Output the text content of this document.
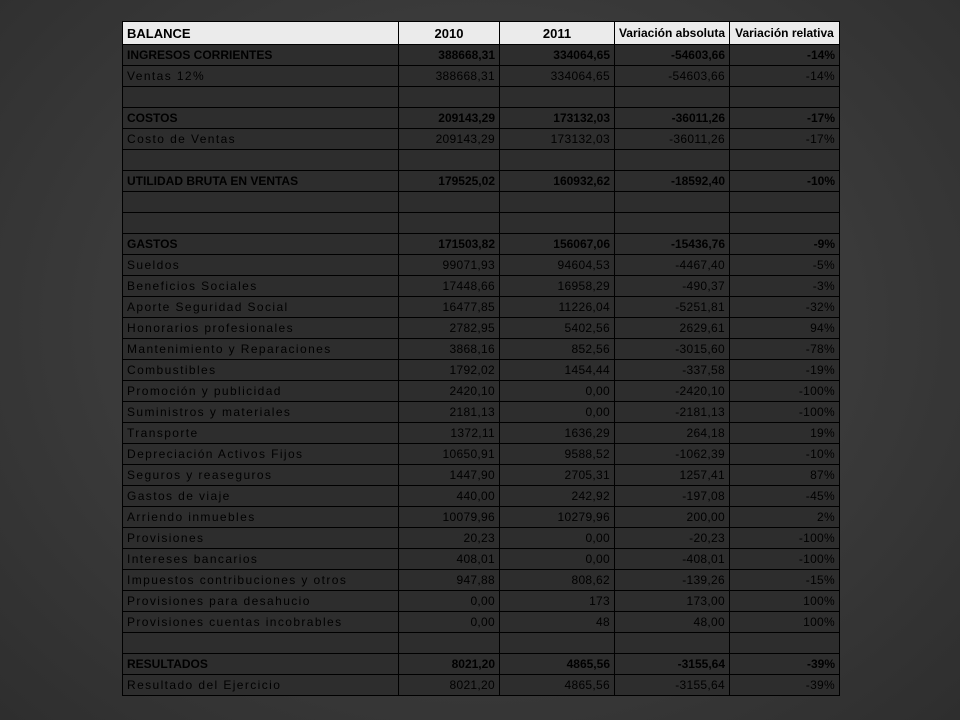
BALANCE	2010	2011	Variación absoluta	Variación relativa
INGRESOS CORRIENTES	388668,31	334064,65	-54603,66	-14%
Ventas 12%	388668,31	334064,65	-54603,66	-14%

COSTOS	209143,29	173132,03	-36011,26	-17%
Costo de Ventas	209143,29	173132,03	-36011,26	-17%

UTILIDAD BRUTA EN VENTAS	179525,02	160932,62	-18592,40	-10%

GASTOS	171503,82	156067,06	-15436,76	-9%
Sueldos	99071,93	94604,53	-4467,40	-5%
Beneficios Sociales	17448,66	16958,29	-490,37	-3%
Aporte Seguridad Social	16477,85	11226,04	-5251,81	-32%
Honorarios profesionales	2782,95	5402,56	2629,61	94%
Mantenimiento y Reparaciones	3868,16	852,56	-3015,60	-78%
Combustibles	1792,02	1454,44	-337,58	-19%
Promoción y publicidad	2420,10	0,00	-2420,10	-100%
Suministros y materiales	2181,13	0,00	-2181,13	-100%
Transporte	1372,11	1636,29	264,18	19%
Depreciación Activos Fijos	10650,91	9588,52	-1062,39	-10%
Seguros y reaseguros	1447,90	2705,31	1257,41	87%
Gastos de viaje	440,00	242,92	-197,08	-45%
Arriendo inmuebles	10079,96	10279,96	200,00	2%
Provisiones	20,23	0,00	-20,23	-100%
Intereses bancarios	408,01	0,00	-408,01	-100%
Impuestos contribuciones y otros	947,88	808,62	-139,26	-15%
Provisiones para desahucio	0,00	173	173,00	100%
Provisiones cuentas incobrables	0,00	48	48,00	100%

RESULTADOS	8021,20	4865,56	-3155,64	-39%
Resultado del Ejercicio	8021,20	4865,56	-3155,64	-39%
